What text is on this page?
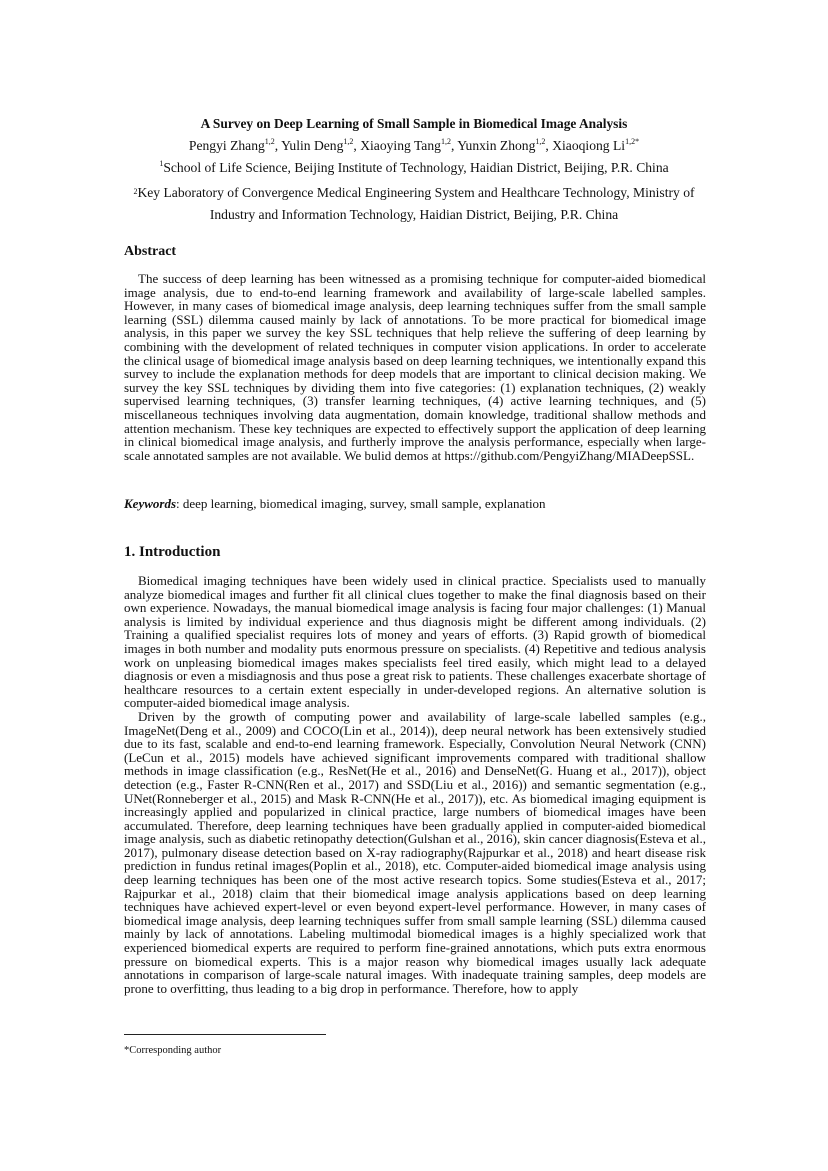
A Survey on Deep Learning of Small Sample in Biomedical Image Analysis
Pengyi Zhang$^{1,2}$, Yulin Deng$^{1,2}$, Xiaoying Tang$^{1,2}$, Yunxin Zhong$^{1,2}$, Xiaoqiong $Li^{1,2*}$
$^1$School of Life Science, Beijing Institute of Technology, Haidian District, Beijing, P.R. China
$^2$Key Laboratory of Convergence Medical Engineering System and Healthcare Technology, Ministry of Industry and Information Technology, Haidian District, Beijing, P.R. China
Abstract

The success of deep learning has been witnessed as a promising technique for computer-aided biomedical image analysis, due to end-to-end learning framework and availability of large-scale labelled samples. However, in many cases of biomedical image analysis, deep learning techniques suffer from the small sample learning (SSL) dilemma caused mainly by lack of annotations. To be more practical for biomedical image analysis, in this paper we survey the key SSL techniques that help relieve the suffering of deep learning by combining with the development of related techniques in computer vision applications. In order to accelerate the clinical usage of biomedical image analysis based on deep learning techniques, we intentionally expand this survey to include the explanation methods for deep models that are important to clinical decision making. We survey the key SSL techniques by dividing them into five categories: (1) explanation techniques, (2) weakly supervised learning techniques, (3) transfer learning techniques, (4) active learning techniques, and (5) miscellaneous techniques involving data augmentation, domain knowledge, traditional shallow methods and attention mechanism. These key techniques are expected to effectively support the application of deep learning in clinical biomedical image analysis, and furtherly improve the analysis performance, especially when large-scale annotated samples are not available. We bulid demos at https://github.com/PengyiZhang/MIADeepSSL.

Keywords: deep learning, biomedical imaging, survey, small sample, explanation

1. Introduction

Biomedical imaging techniques have been widely used in clinical practice. Specialists used to manually analyze biomedical images and further fit all clinical clues together to make the final diagnosis based on their own experience. Nowadays, the manual biomedical image analysis is facing four major challenges: (1) Manual analysis is limited by individual experience and thus diagnosis might be different among individuals. (2) Training a qualified specialist requires lots of money and years of efforts. (3) Rapid growth of biomedical images in both number and modality puts enormous pressure on specialists. (4) Repetitive and tedious analysis work on unpleasing biomedical images makes specialists feel tired easily, which might lead to a delayed diagnosis or even a misdiagnosis and thus pose a great risk to patients. These challenges exacerbate shortage of healthcare resources to a certain extent especially in under-developed regions. An alternative solution is computer-aided biomedical image analysis.

Driven by the growth of computing power and availability of large-scale labelled samples (e.g., ImageNet(Deng et al., 2009) and COCO(Lin et al., 2014)), deep neural network has been extensively studied due to its fast, scalable and end-to-end learning framework. Especially, Convolution Neural Network (CNN)(LeCun et al., 2015) models have achieved significant improvements compared with traditional shallow methods in image classification (e.g., ResNet(He et al., 2016) and DenseNet(G. Huang et al., 2017)), object detection (e.g., Faster R-CNN(Ren et al., 2017) and SSD(Liu et al., 2016)) and semantic segmentation (e.g., UNet(Ronneberger et al., 2015) and Mask R-CNN(He et al., 2017)), etc. As biomedical imaging equipment is increasingly applied and popularized in clinical practice, large numbers of biomedical images have been accumulated. Therefore, deep learning techniques have been gradually applied in computer-aided biomedical image analysis, such as diabetic retinopathy detection(Gulshan et al., 2016), skin cancer diagnosis(Esteva et al., 2017), pulmonary disease detection based on X-ray radiography(Rajpurkar et al., 2018) and heart disease risk prediction in fundus retinal images(Poplin et al., 2018), etc. Computer-aided biomedical image analysis using deep learning techniques has been one of the most active research topics. Some studies(Esteva et al., 2017; Rajpurkar et al., 2018) claim that their biomedical image analysis applications based on deep learning techniques have achieved expert-level or even beyond expert-level performance. However, in many cases of biomedical image analysis, deep learning techniques suffer from small sample learning (SSL) dilemma caused mainly by lack of annotations. Labeling multimodal biomedical images is a highly specialized work that experienced biomedical experts are required to perform fine-grained annotations, which puts extra enormous pressure on biomedical experts. This is a major reason why biomedical images usually lack adequate annotations in comparison of large-scale natural images. With inadequate training samples, deep models are prone to overfitting, thus leading to a big drop in performance. Therefore, how to apply

*Corresponding author
